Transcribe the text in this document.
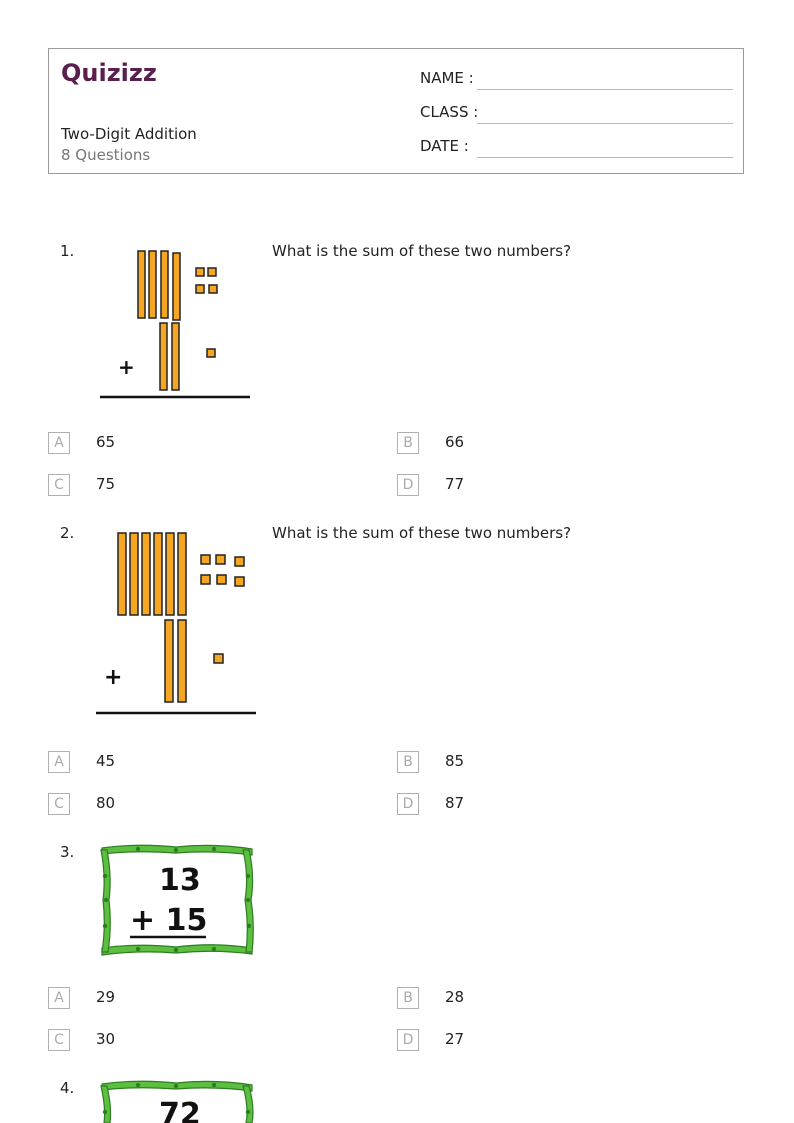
Quizizz
Two-Digit Addition
8 Questions
NAME :
CLASS :
DATE :
1.
+
What is the sum of these two numbers?
A	65	B	66
C	75	D	77
2.
+
What is the sum of these two numbers?
A	45	B	85
C	80	D	87
3.
13
+ 15
A	29	B	28
C	30	D	27
4.
72
